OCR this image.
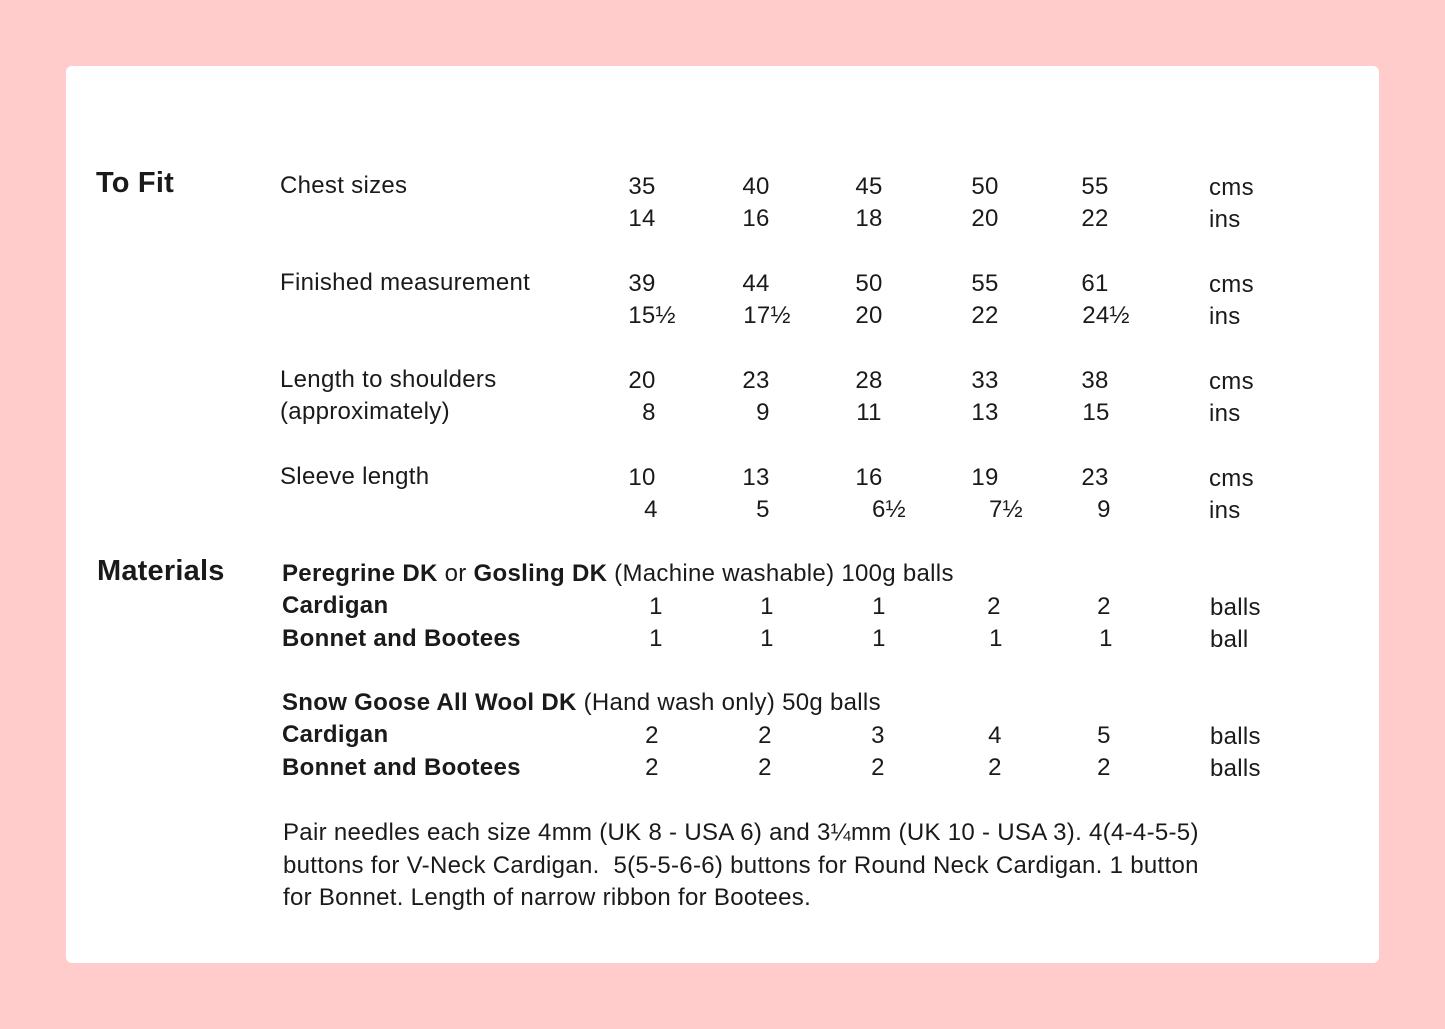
To Fit	Chest sizes	35	40	45	50	55	cms
14	16	18	20	22	ins
Finished measurement	39	44	50	55	61	cms
15½	17½	20	22	24½	ins
Length to shoulders
(approximately)
20	23	28	33	38	cms
8	9	11	13	15	ins
Sleeve length	10	13	16	19	23	cms
4	5	6½	7½	9	ins
Materials Peregrine DK or Gosling DK (Machine washable) 100g balls
Cardigan	1	1	1	2	2	balls
Bonnet and Bootees	1	1	1	1	1	ball
Snow Goose All Wool DK (Hand wash only) 50g balls
Cardigan	2	2	3	4	5	balls
Bonnet and Bootees	2	2	2	2	2	balls
Pair needles each size 4mm (UK 8 - USA 6) and 3¼mm (UK 10 - USA 3). 4(4-4-5-5)
buttons for V-Neck Cardigan.  5(5-5-6-6) buttons for Round Neck Cardigan. 1 button
for Bonnet. Length of narrow ribbon for Bootees.
